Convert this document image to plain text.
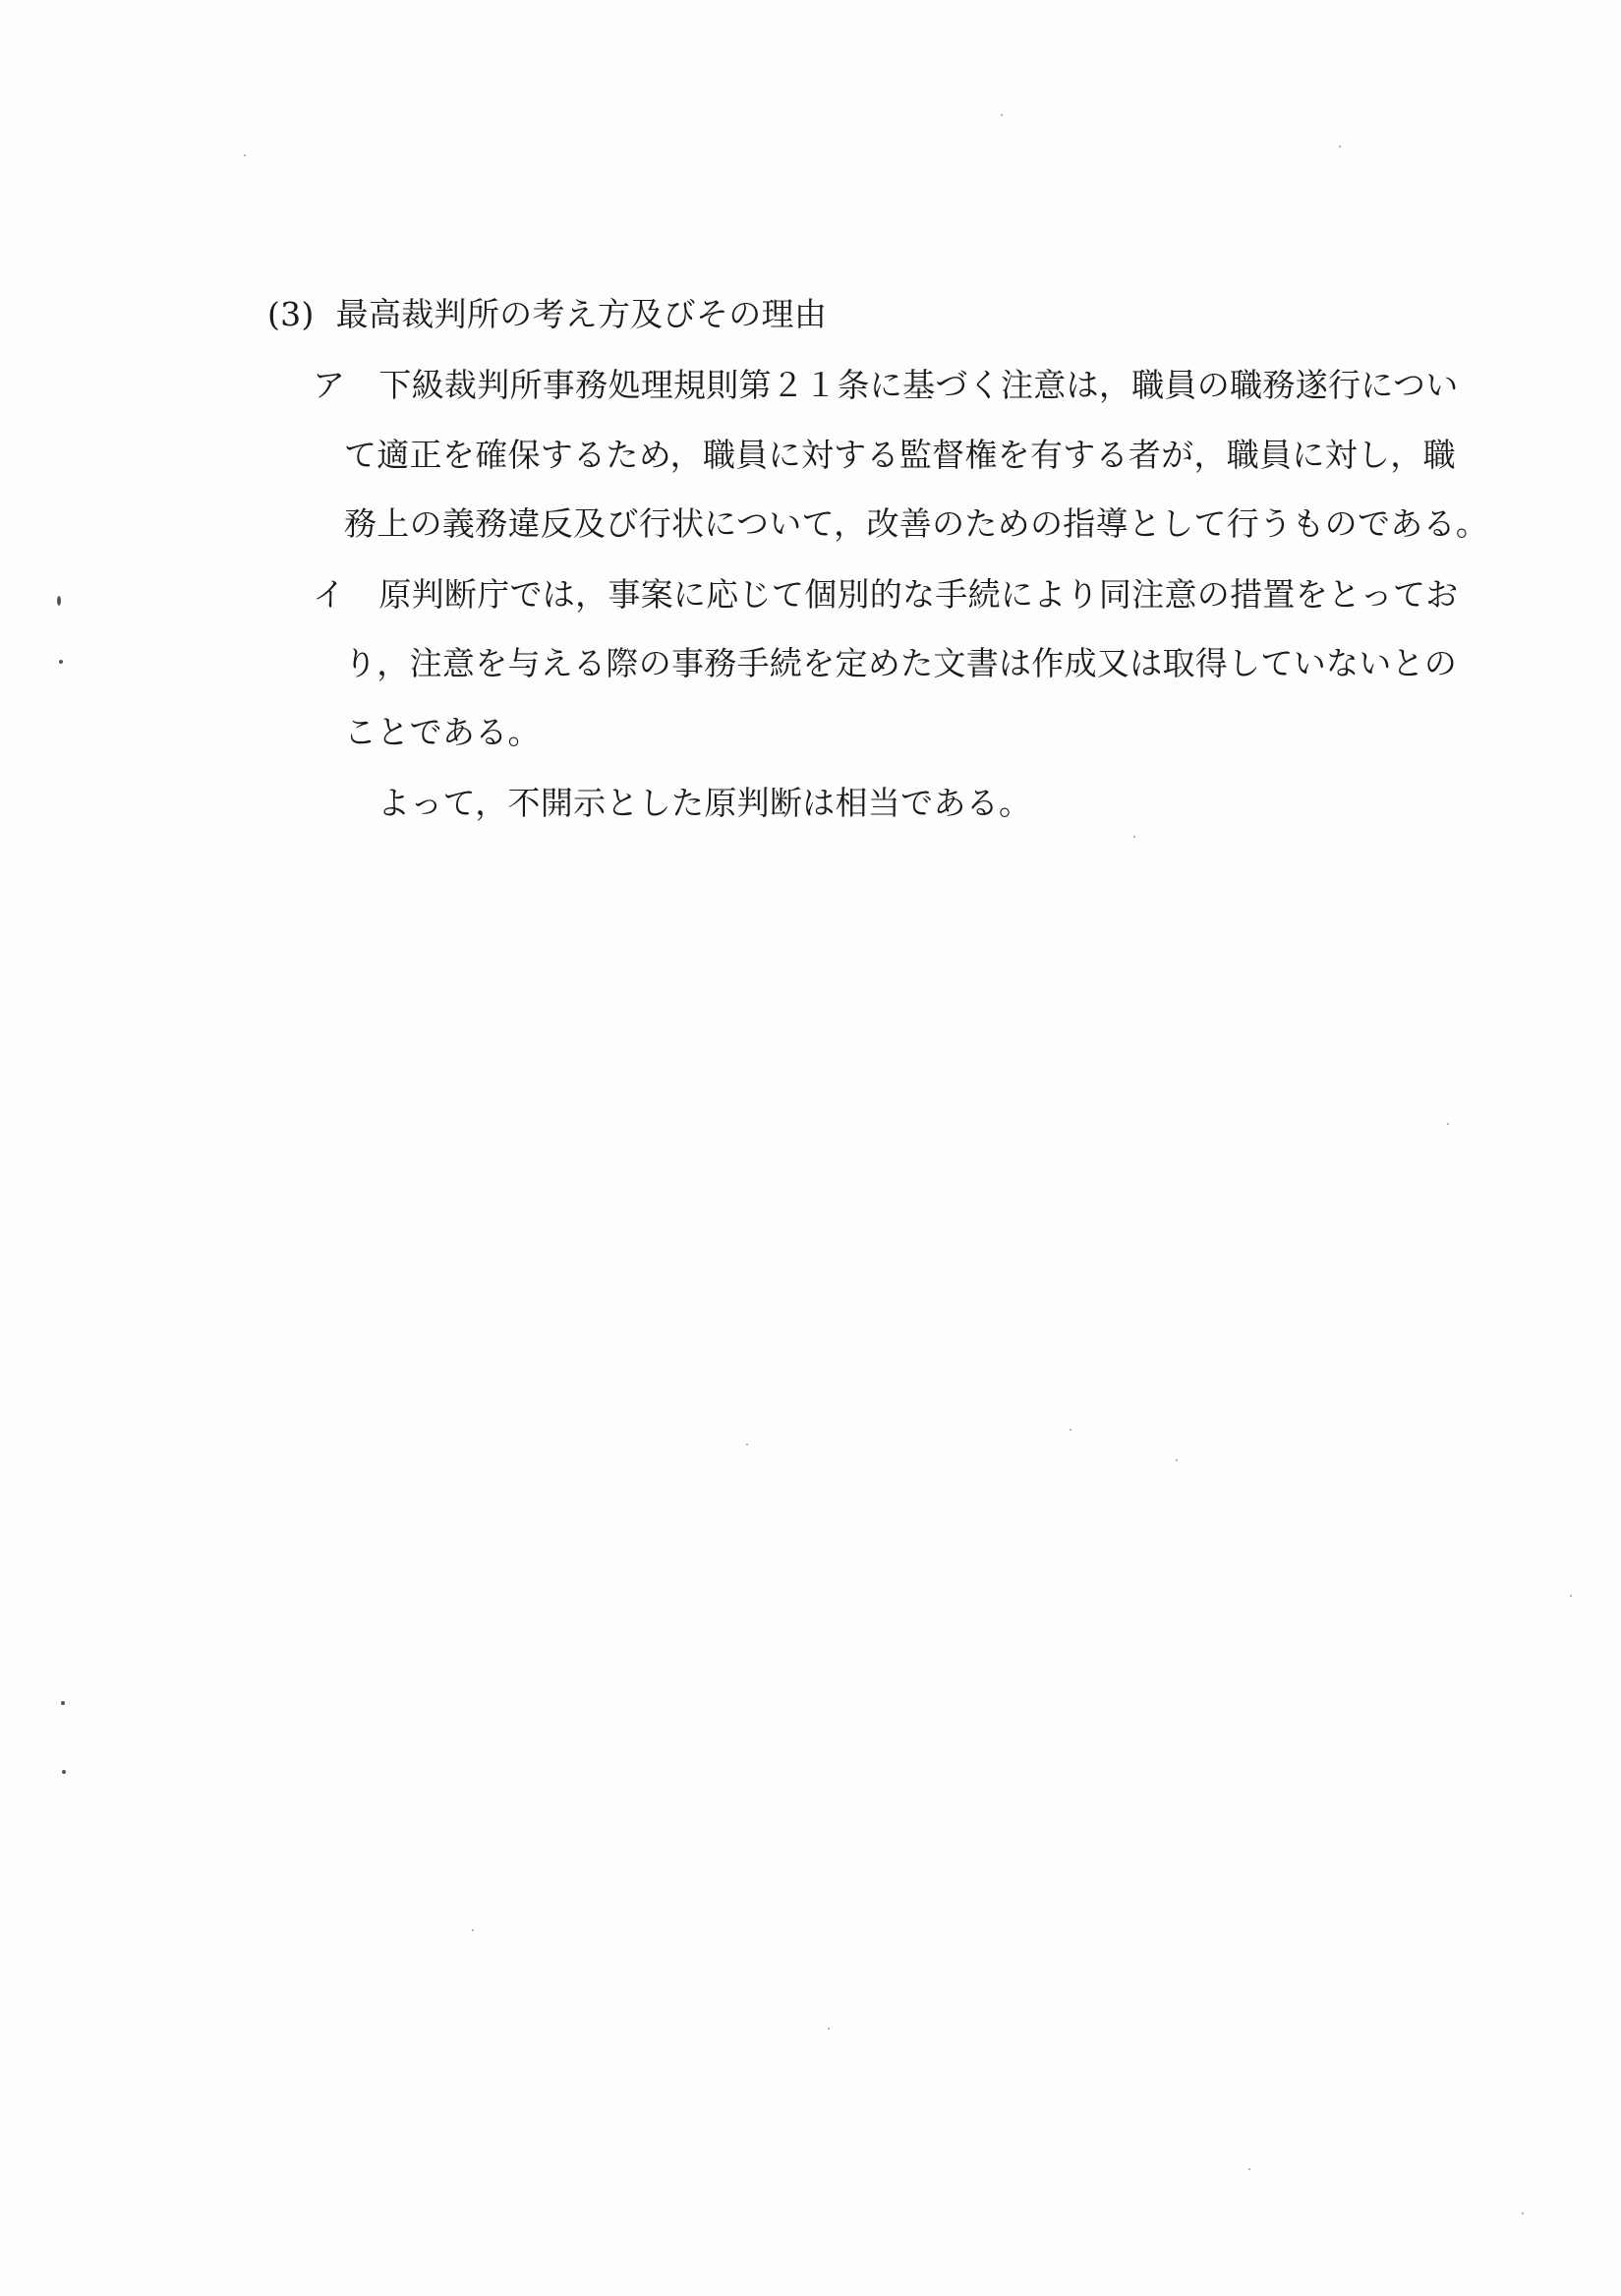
(3) 最高裁判所の考え方及びその理由
ア 下級裁判所事務処理規則第２１条に基づく注意は，職員の職務遂行につい
て適正を確保するため，職員に対する監督権を有する者が，職員に対し，職
務上の義務違反及び行状について，改善のための指導として行うものである。
イ 原判断庁では，事案に応じて個別的な手続により同注意の措置をとってお
り，注意を与える際の事務手続を定めた文書は作成又は取得していないとの
ことである。
よって，不開示とした原判断は相当である。
